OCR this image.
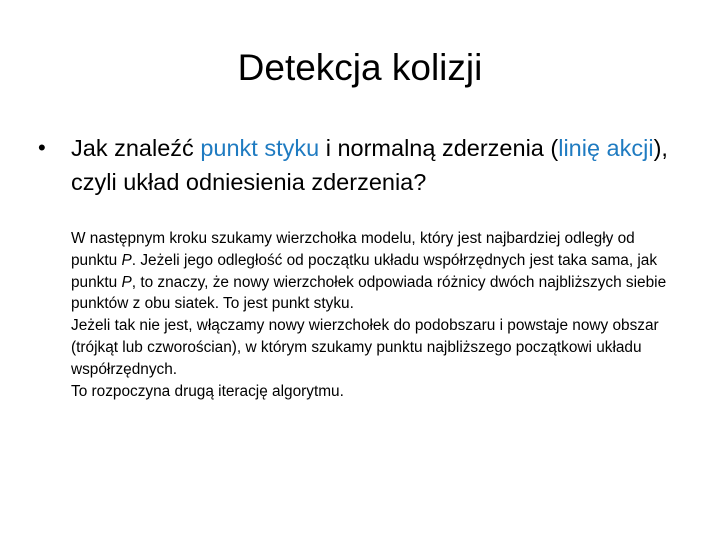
Detekcja kolizji
• Jak znaleźć punkt styku i normalną zderzenia (linię akcji), czyli układ odniesienia zderzenia?

W następnym kroku szukamy wierzchołka modelu, który jest najbardziej odległy od punktu P. Jeżeli jego odległość od początku układu współrzędnych jest taka sama, jak punktu P, to znaczy, że nowy wierzchołek odpowiada różnicy dwóch najbliższych siebie punktów z obu siatek. To jest punkt styku.

Jeżeli tak nie jest, włączamy nowy wierzchołek do podobszaru i powstaje nowy obszar (trójkąt lub czworościan), w którym szukamy punktu najbliższego początkowi układu współrzędnych.

To rozpoczyna drugą iterację algorytmu.
